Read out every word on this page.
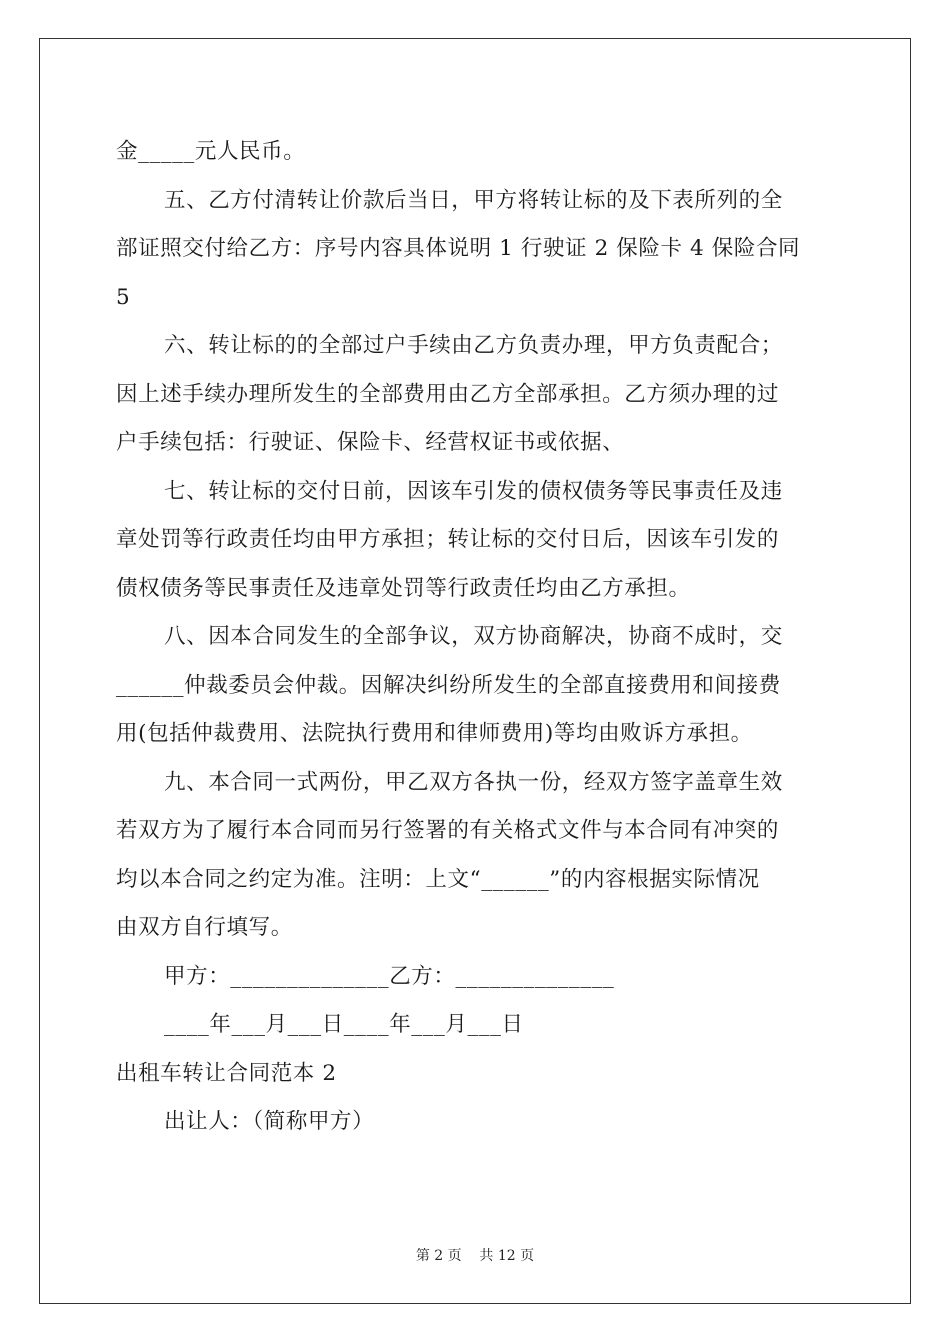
金_____元人民币。
五、乙方付清转让价款后当日，甲方将转让标的及下表所列的全
部证照交付给乙方：序号内容具体说明 1 行驶证 2 保险卡 4 保险合同
5
六、转让标的的全部过户手续由乙方负责办理，甲方负责配合；
因上述手续办理所发生的全部费用由乙方全部承担。乙方须办理的过
户手续包括：行驶证、保险卡、经营权证书或依据、
七、转让标的交付日前，因该车引发的债权债务等民事责任及违
章处罚等行政责任均由甲方承担；转让标的交付日后，因该车引发的
债权债务等民事责任及违章处罚等行政责任均由乙方承担。
八、因本合同发生的全部争议，双方协商解决，协商不成时，交
______仲裁委员会仲裁。因解决纠纷所发生的全部直接费用和间接费
用(包括仲裁费用、法院执行费用和律师费用)等均由败诉方承担。
九、本合同一式两份，甲乙双方各执一份，经双方签字盖章生效
若双方为了履行本合同而另行签署的有关格式文件与本合同有冲突的
均以本合同之约定为准。注明：上文“______”的内容根据实际情况
由双方自行填写。
甲方：______________乙方：______________
____年___月___日____年___月___日
出租车转让合同范本 2
出让人：（简称甲方）
第 2 页    共 12 页
